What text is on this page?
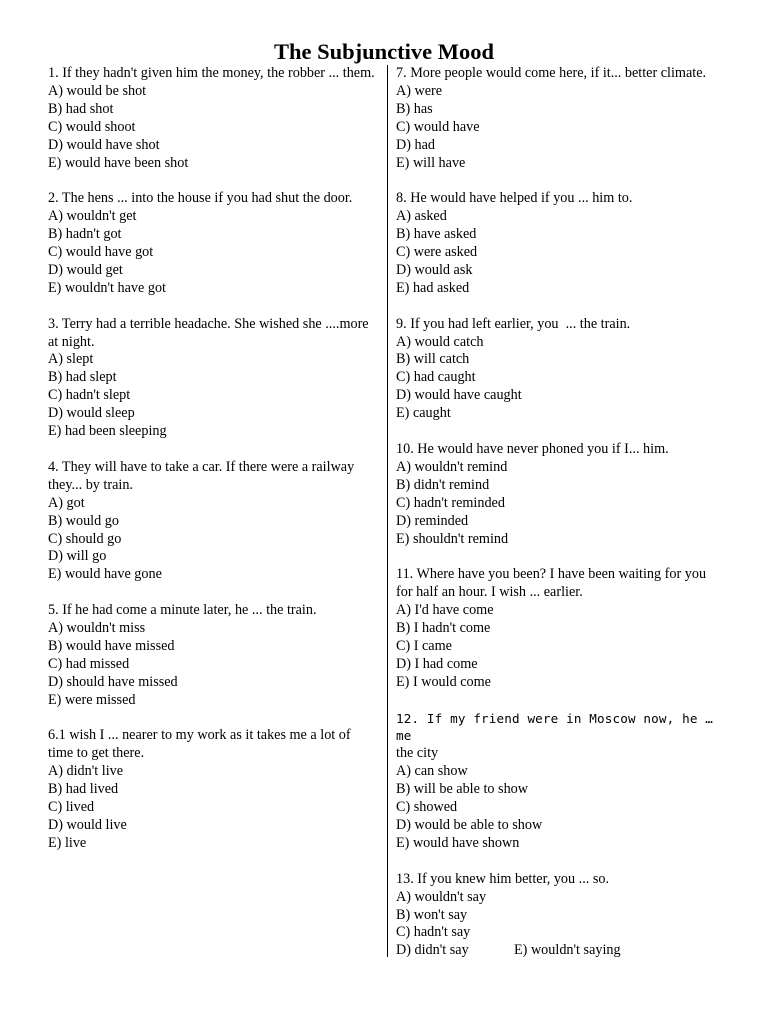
The Subjunctive Mood

1. If they hadn't given him the money, the robber ... them.

A) would be shot

B) had shot

C) would shoot

D) would have shot

E) would have been shot

2. The hens ... into the house if you had shut the door.

A) wouldn't get

B) hadn't got

C) would have got

D) would get

E) wouldn't have got

3. Terry had a terrible headache. She wished she ....more at night.

A) slept

B) had slept

C) hadn't slept

D) would sleep

E) had been sleeping

4. They will have to take a car. If there were a railway they... by train.

A) got

B) would go

C) should go

D) will go

E) would have gone

5. If he had come a minute later, he ... the train.

A) wouldn't miss

B) would have missed

C) had missed

D) should have missed

E) were missed

6.1 wish I ... nearer to my work as it takes me a lot of time to get there.

A) didn't live

B) had lived

C) lived

D) would live

E) live

7. More people would come here, if it... better climate.

A) were

B) has

C) would have

D) had

E) will have

8. He would have helped if you ... him to.

A) asked

B) have asked

C) were asked

D) would ask

E) had asked

9. If you had left earlier, you  ... the train.

A) would catch

B) will catch

C) had caught

D) would have caught

E) caught

10. He would have never phoned you if I... him.

A) wouldn't remind

B) didn't remind

C) hadn't reminded

D) reminded

E) shouldn't remind

11. Where have you been? I have been waiting for you for half an hour. I wish ... earlier.

A) I'd have come

B) I hadn't come

C) I came

D) I had come

E) I would come

12. If my friend were in Moscow now, he … me

the city

A) can show

B) will be able to show

C) showed

D) would be able to show

E) would have shown

13. If you knew him better, you ... so.

A) wouldn't say

B) won't say

C) hadn't say

D) didn't say	E) wouldn't saying
